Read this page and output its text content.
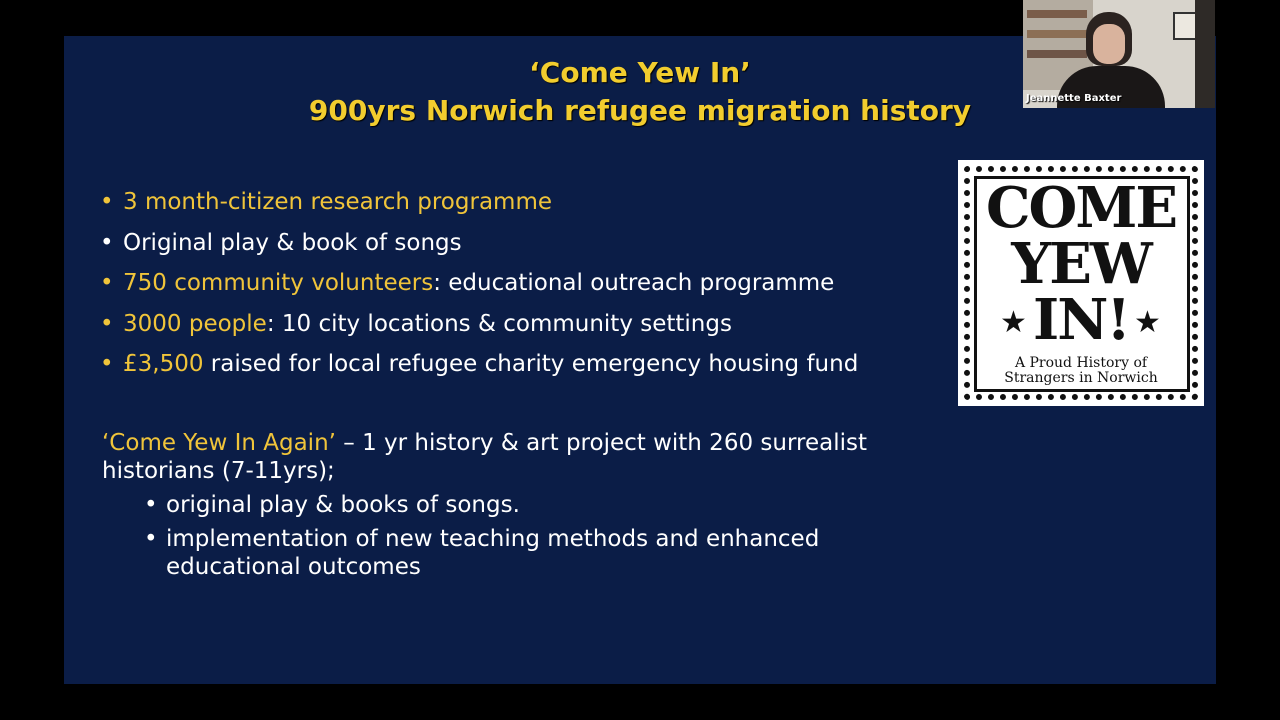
‘Come Yew In’
900yrs Norwich refugee migration history
• 3 month-citizen research programme
• Original play & book of songs
• 750 community volunteers: educational outreach programme
• 3000 people: 10 city locations & community settings
• £3,500 raised for local refugee charity emergency housing fund
‘Come Yew In Again’ – 1 yr history & art project with 260 surrealist historians (7-11yrs);
• original play & books of songs.
• implementation of new teaching methods and enhanced educational outcomes
COME
YEW
IN!
★	★
A Proud History of
Strangers in Norwich
Jeannette Baxter
